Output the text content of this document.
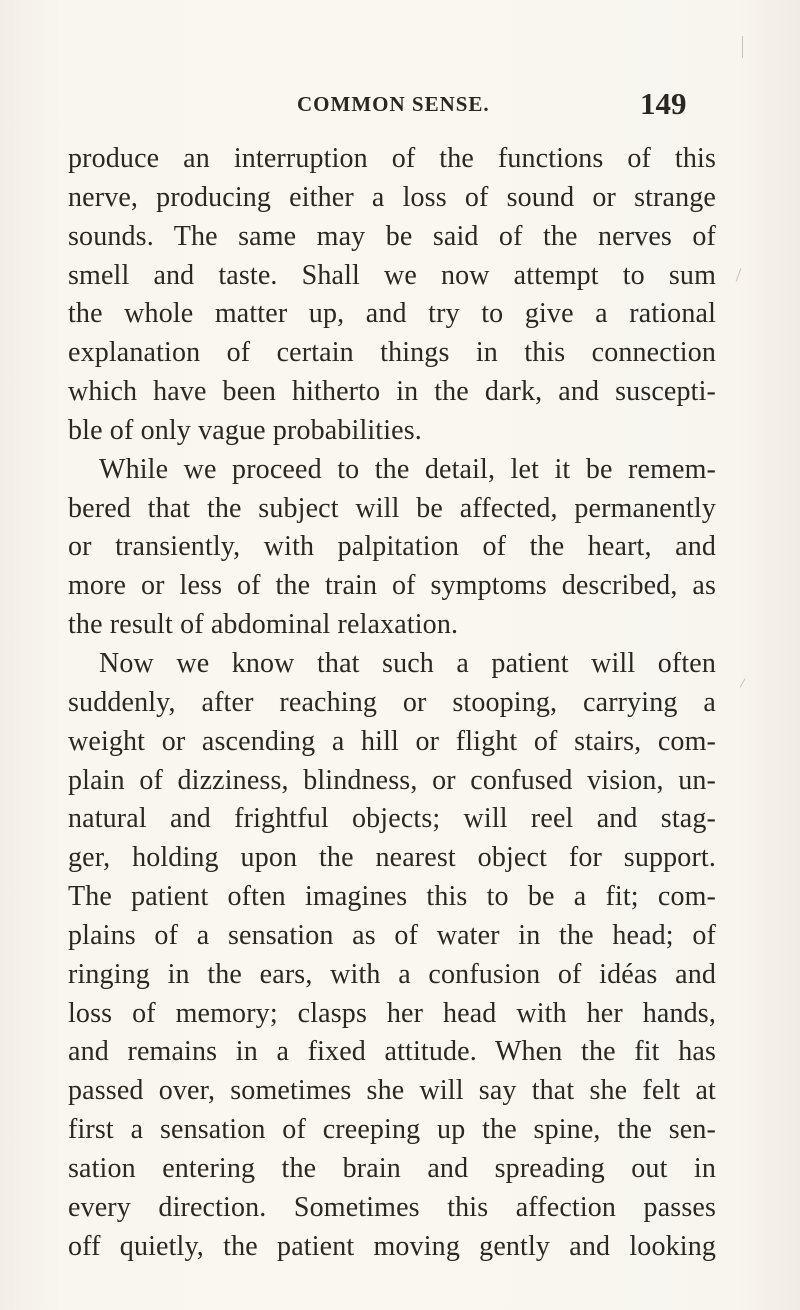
COMMON SENSE.	149
produce an interruption of the functions of this
nerve, producing either a loss of sound or strange
sounds. The same may be said of the nerves of
smell and taste. Shall we now attempt to sum
the whole matter up, and try to give a rational
explanation of certain things in this connection
which have been hitherto in the dark, and suscepti-
ble of only vague probabilities.
While we proceed to the detail, let it be remem-
bered that the subject will be affected, permanently
or transiently, with palpitation of the heart, and
more or less of the train of symptoms described, as
the result of abdominal relaxation.
Now we know that such a patient will often
suddenly, after reaching or stooping, carrying a
weight or ascending a hill or flight of stairs, com-
plain of dizziness, blindness, or confused vision, un-
natural and frightful objects; will reel and stag-
ger, holding upon the nearest object for support.
The patient often imagines this to be a fit; com-
plains of a sensation as of water in the head; of
ringing in the ears, with a confusion of idéas and
loss of memory; clasps her head with her hands,
and remains in a fixed attitude. When the fit has
passed over, sometimes she will say that she felt at
first a sensation of creeping up the spine, the sen-
sation entering the brain and spreading out in
every direction. Sometimes this affection passes
off quietly, the patient moving gently and looking
